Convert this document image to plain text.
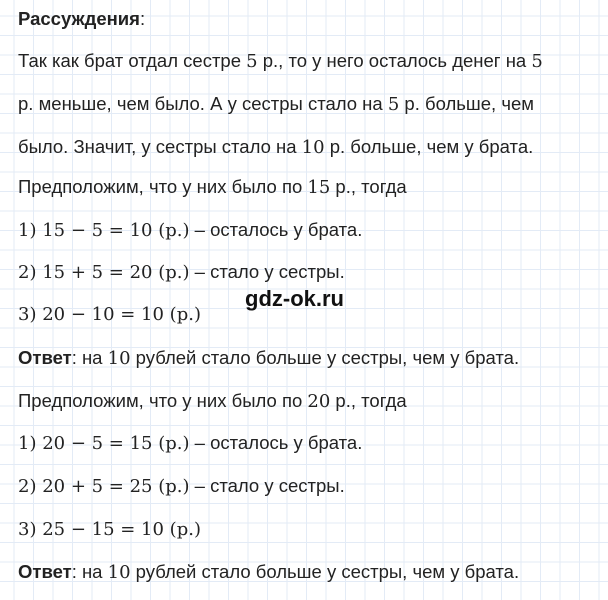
Рассуждения:
Так как брат отдал сестре 5 р., то у него осталось денег на 5
р. меньше, чем было. А у сестры стало на 5 р. больше, чем
было. Значит, у сестры стало на 10 р. больше, чем у брата.
Предположим, что у них было по 15 р., тогда
1) 15 − 5 = 10 (р.) – осталось у брата.
2) 15 + 5 = 20 (р.) – стало у сестры.
3) 20 − 10 = 10 (р.)
Ответ: на 10 рублей стало больше у сестры, чем у брата.
Предположим, что у них было по 20 р., тогда
1) 20 − 5 = 15 (р.) – осталось у брата.
2) 20 + 5 = 25 (р.) – стало у сестры.
3) 25 − 15 = 10 (р.)
Ответ: на 10 рублей стало больше у сестры, чем у брата.
gdz-ok.ru
